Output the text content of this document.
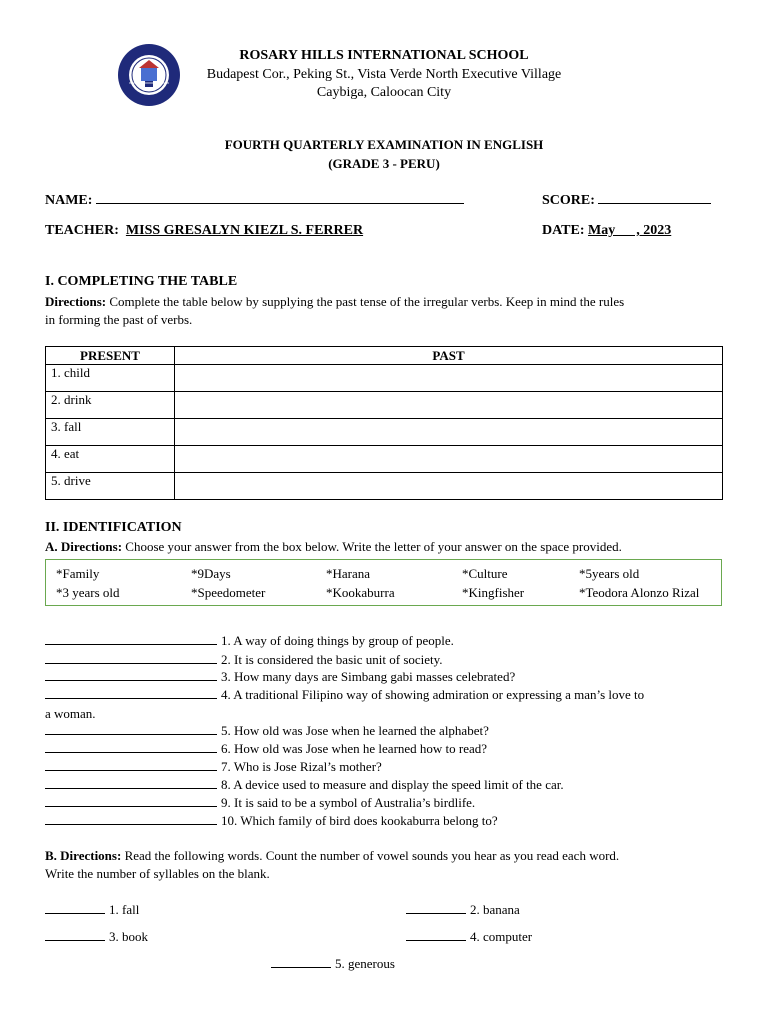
ROSARY HILLS INTERNATIONAL SCHOOL
Budapest Cor., Peking St., Vista Verde North Executive Village
Caybiga, Caloocan City
FOURTH QUARTERLY EXAMINATION IN ENGLISH
(GRADE 3 - PERU)
NAME:	SCORE:
TEACHER: MISS GRESALYN KIEZL S. FERRER	DATE: May      , 2023
I. COMPLETING THE TABLE
Directions: Complete the table below by supplying the past tense of the irregular verbs. Keep in mind the rules
in forming the past of verbs.
PRESENT	PAST
1. child	
2. drink	
3. fall	
4. eat	
5. drive	
II. IDENTIFICATION
A. Directions: Choose your answer from the box below. Write the letter of your answer on the space provided.
*Family	*9Days	*Harana	*Culture	*5years old
*3 years old	*Speedometer	*Kookaburra	*Kingfisher	*Teodora Alonzo Rizal
1. A way of doing things by group of people.
2. It is considered the basic unit of society.
3. How many days are Simbang gabi masses celebrated?
4. A traditional Filipino way of showing admiration or expressing a man’s love to
a woman.
5. How old was Jose when he learned the alphabet?
6. How old was Jose when he learned how to read?
7. Who is Jose Rizal’s mother?
8. A device used to measure and display the speed limit of the car.
9. It is said to be a symbol of Australia’s birdlife.
10. Which family of bird does kookaburra belong to?
B. Directions: Read the following words. Count the number of vowel sounds you hear as you read each word.
Write the number of syllables on the blank.
1. fall	2. banana
3. book	4. computer
5. generous
